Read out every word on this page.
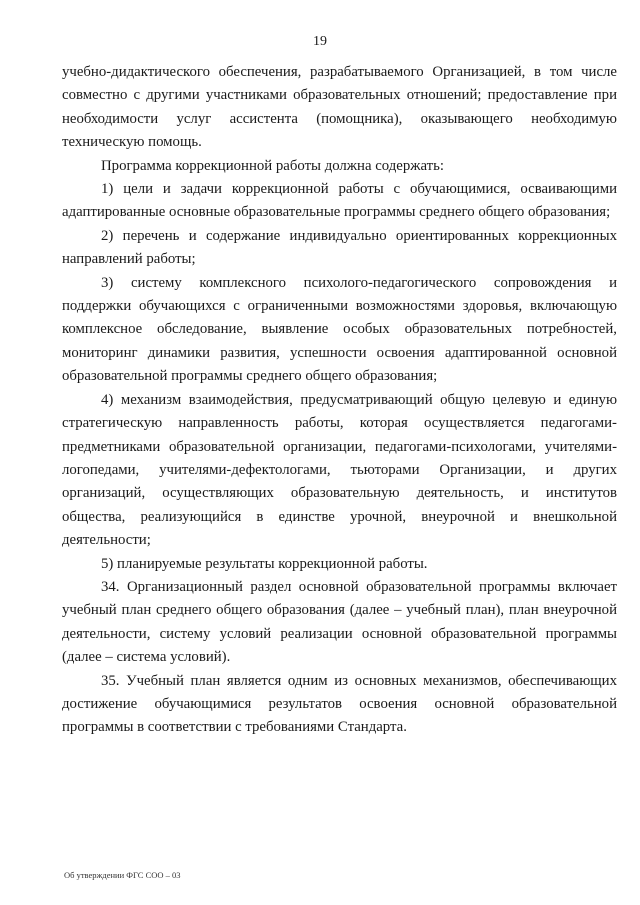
19

учебно-дидактического обеспечения, разрабатываемого Организацией, в том числе совместно с другими участниками образовательных отношений; предоставление при необходимости услуг ассистента (помощника), оказывающего необходимую техническую помощь.

Программа коррекционной работы должна содержать:

1) цели и задачи коррекционной работы с обучающимися, осваивающими адаптированные основные образовательные программы среднего общего образования;

2) перечень и содержание индивидуально ориентированных коррекционных направлений работы;

3) систему комплексного психолого-педагогического сопровождения и поддержки обучающихся с ограниченными возможностями здоровья, включающую комплексное обследование, выявление особых образовательных потребностей, мониторинг динамики развития, успешности освоения адаптированной основной образовательной программы среднего общего образования;

4) механизм взаимодействия, предусматривающий общую целевую и единую стратегическую направленность работы, которая осуществляется педагогами-предметниками образовательной организации, педагогами-психологами, учителями-логопедами, учителями-дефектологами, тьюторами Организации, и других организаций, осуществляющих образовательную деятельность, и институтов общества, реализующийся в единстве урочной, внеурочной и внешкольной деятельности;

5) планируемые результаты коррекционной работы.

34. Организационный раздел основной образовательной программы включает учебный план среднего общего образования (далее – учебный план), план внеурочной деятельности, систему условий реализации основной образовательной программы (далее – система условий).

35. Учебный план является одним из основных механизмов, обеспечивающих достижение обучающимися результатов освоения основной образовательной программы в соответствии с требованиями Стандарта.

Об утверждении ФГС СОО – 03
